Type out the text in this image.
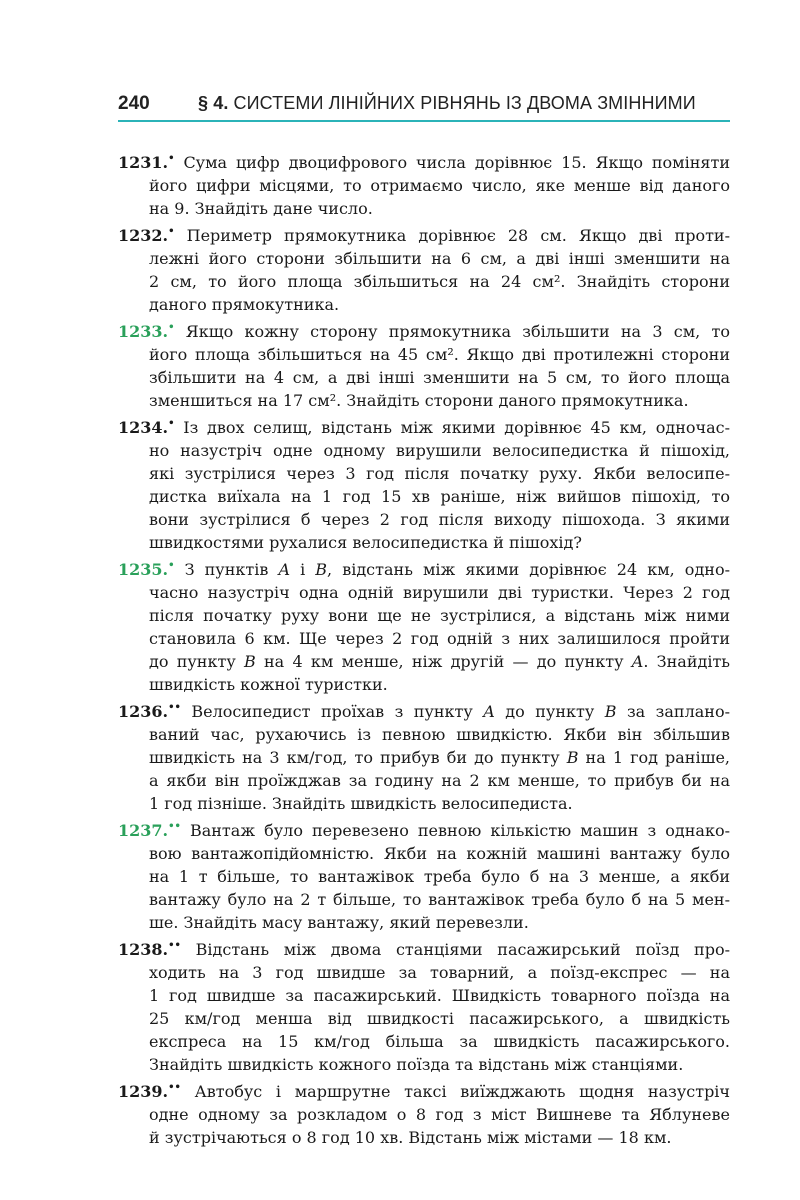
240	§ 4. СИСТЕМИ ЛІНІЙНИХ РІВНЯНЬ ІЗ ДВОМА ЗМІННИМИ

1231.• Сума цифр двоцифрового числа дорівнює 15. Якщо поміняти

його цифри місцями, то отримаємо число, яке менше від даного

на 9. Знайдіть дане число.

1232.• Периметр прямокутника дорівнює 28 см. Якщо дві проти-

лежні його сторони збільшити на 6 см, а дві інші зменшити на

2 см, то його площа збільшиться на 24 см². Знайдіть сторони

даного прямокутника.

1233.• Якщо кожну сторону прямокутника збільшити на 3 см, то

його площа збільшиться на 45 см². Якщо дві протилежні сторони

збільшити на 4 см, а дві інші зменшити на 5 см, то його площа

зменшиться на 17 см². Знайдіть сторони даного прямокутника.

1234.• Із двох селищ, відстань між якими дорівнює 45 км, одночас-

но назустріч одне одному вирушили велосипедистка й пішохід,

які зустрілися через 3 год після початку руху. Якби велосипе-

дистка виїхала на 1 год 15 хв раніше, ніж вийшов пішохід, то

вони зустрілися б через 2 год після виходу пішохода. З якими

швидкостями рухалися велосипедистка й пішохід?

1235.• З пунктів A і B, відстань між якими дорівнює 24 км, одно-

часно назустріч одна одній вирушили дві туристки. Через 2 год

після початку руху вони ще не зустрілися, а відстань між ними

становила 6 км. Ще через 2 год одній з них залишилося пройти

до пункту B на 4 км менше, ніж другій — до пункту A. Знайдіть

швидкість кожної туристки.

1236.•• Велосипедист проїхав з пункту A до пункту B за заплано-

ваний час, рухаючись із певною швидкістю. Якби він збільшив

швидкість на 3 км/год, то прибув би до пункту B на 1 год раніше,

а якби він проїжджав за годину на 2 км менше, то прибув би на

1 год пізніше. Знайдіть швидкість велосипедиста.

1237.•• Вантаж було перевезено певною кількістю машин з однако-

вою вантажопідйомністю. Якби на кожній машині вантажу було

на 1 т більше, то вантажівок треба було б на 3 менше, а якби

вантажу було на 2 т більше, то вантажівок треба було б на 5 мен-

ше. Знайдіть масу вантажу, який перевезли.

1238.•• Відстань між двома станціями пасажирський поїзд про-

ходить на 3 год швидше за товарний, а поїзд-експрес — на

1 год швидше за пасажирський. Швидкість товарного поїзда на

25 км/год менша від швидкості пасажирського, а швидкість

експреса на 15 км/год більша за швидкість пасажирського.

Знайдіть швидкість кожного поїзда та відстань між станціями.

1239.•• Автобус і маршрутне таксі виїжджають щодня назустріч

одне одному за розкладом о 8 год з міст Вишневе та Яблуневе

й зустрічаються о 8 год 10 хв. Відстань між містами — 18 км.
